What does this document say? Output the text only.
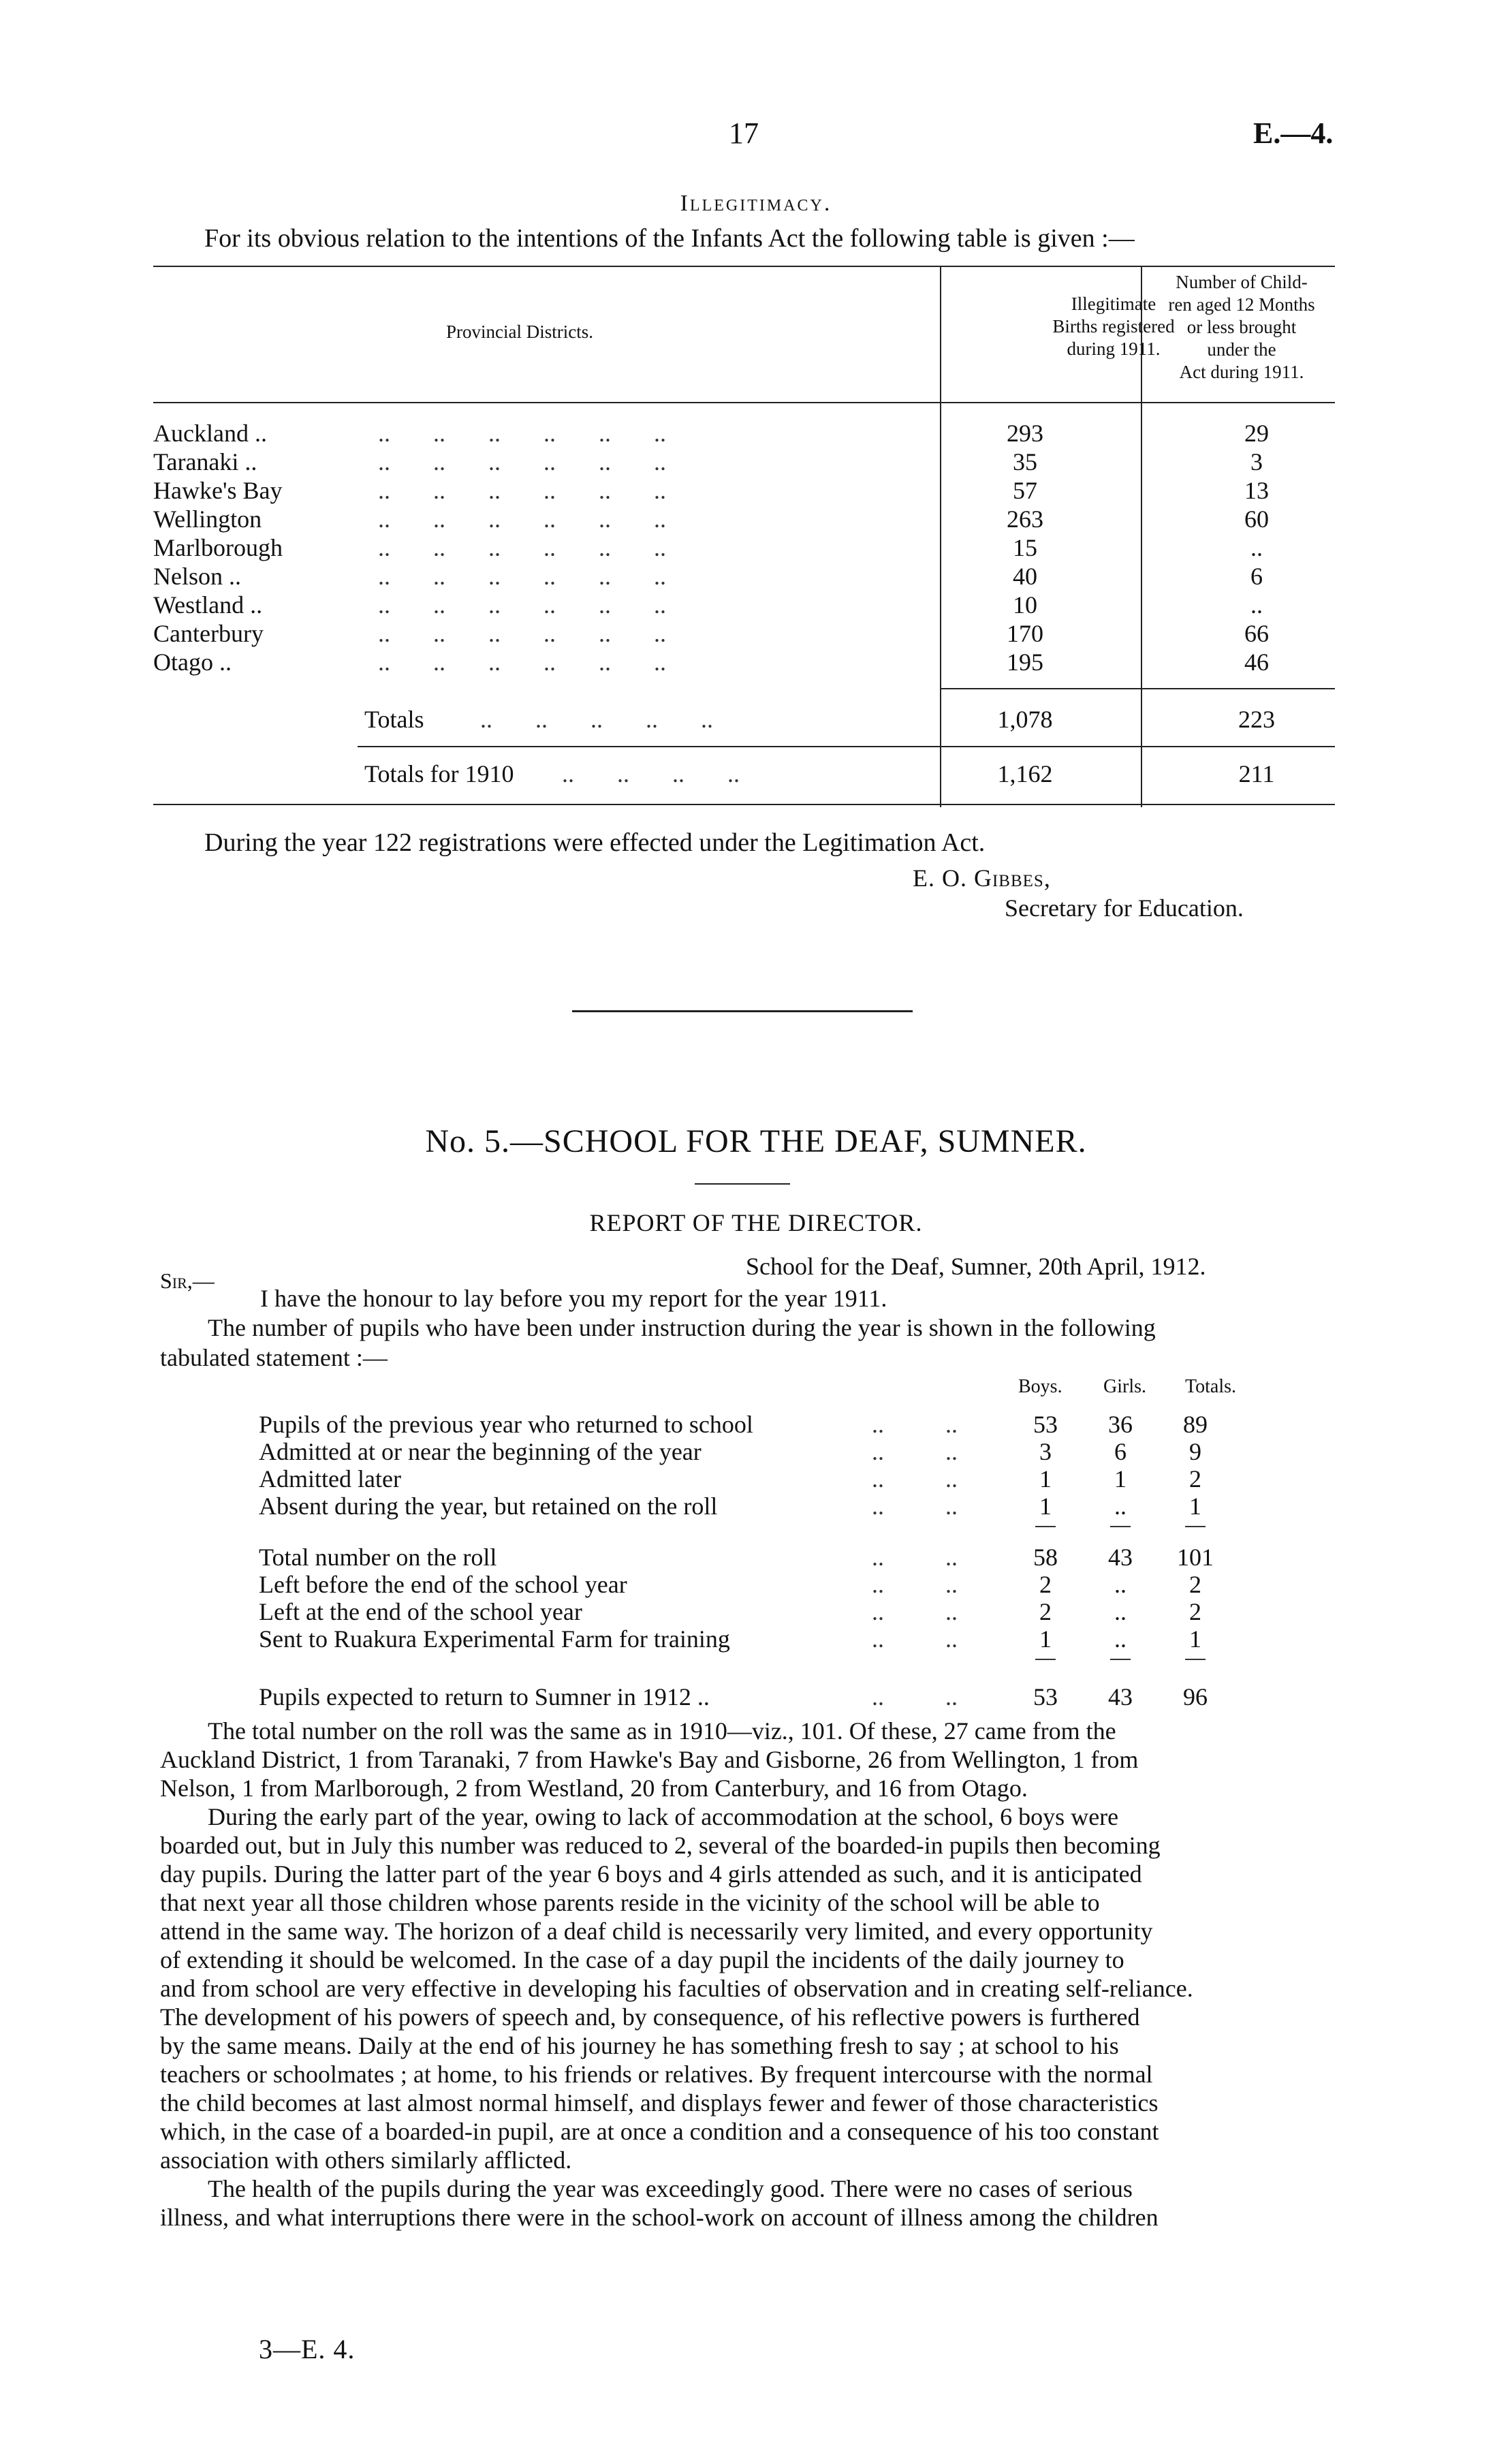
17	E.—4.
Illegitimacy.
For its obvious relation to the intentions of the Infants Act the following table is given :—
Provincial Districts.
Illegitimate
Births registered
during 1911.
Number of Child-
ren aged 12 Months
or less brought
under the
Act during 1911.
Auckland ..	..       ..       ..       ..       ..       ..	293	29
Taranaki ..	..       ..       ..       ..       ..       ..	35	3
Hawke's Bay	..       ..       ..       ..       ..       ..	57	13
Wellington	..       ..       ..       ..       ..       ..	263	60
Marlborough	..       ..       ..       ..       ..       ..	15	..
Nelson ..	..       ..       ..       ..       ..       ..	40	6
Westland ..	..       ..       ..       ..       ..       ..	10	..
Canterbury	..       ..       ..       ..       ..       ..	170	66
Otago ..	..       ..       ..       ..       ..       ..	195	46
Totals ..       ..       ..       ..       ..	1,078	223
Totals for 1910 ..       ..       ..       ..	1,162	211
During the year 122 registrations were effected under the Legitimation Act.
E. O. Gibbes,
Secretary for Education.
No. 5.—SCHOOL FOR THE DEAF, SUMNER.
REPORT OF THE DIRECTOR.
School for the Deaf, Sumner, 20th April, 1912.
Sir,—
I have the honour to lay before you my report for the year 1911.
The number of pupils who have been under instruction during the year is shown in the following
tabulated statement :—
Boys. Girls. Totals.
Pupils of the previous year who returned to school	..          ..	53	36	89
Admitted at or near the beginning of the year	..          ..	3	6	9
Admitted later	..          ..	1	1	2
Absent during the year, but retained on the roll	..          ..	1	..	1
Total number on the roll	..          ..	58	43	101
Left before the end of the school year	..          ..	2	..	2
Left at the end of the school year	..          ..	2	..	2
Sent to Ruakura Experimental Farm for training	..          ..	1	..	1
Pupils expected to return to Sumner in 1912 ..	..          ..	53	43	96
The total number on the roll was the same as in 1910—viz., 101. Of these, 27 came from the
Auckland District, 1 from Taranaki, 7 from Hawke's Bay and Gisborne, 26 from Wellington, 1 from
Nelson, 1 from Marlborough, 2 from Westland, 20 from Canterbury, and 16 from Otago.
During the early part of the year, owing to lack of accommodation at the school, 6 boys were
boarded out, but in July this number was reduced to 2, several of the boarded-in pupils then becoming
day pupils. During the latter part of the year 6 boys and 4 girls attended as such, and it is anticipated
that next year all those children whose parents reside in the vicinity of the school will be able to
attend in the same way. The horizon of a deaf child is necessarily very limited, and every opportunity
of extending it should be welcomed. In the case of a day pupil the incidents of the daily journey to
and from school are very effective in developing his faculties of observation and in creating self-reliance.
The development of his powers of speech and, by consequence, of his reflective powers is furthered
by the same means. Daily at the end of his journey he has something fresh to say ; at school to his
teachers or schoolmates ; at home, to his friends or relatives. By frequent intercourse with the normal
the child becomes at last almost normal himself, and displays fewer and fewer of those characteristics
which, in the case of a boarded-in pupil, are at once a condition and a consequence of his too constant
association with others similarly afflicted.
The health of the pupils during the year was exceedingly good. There were no cases of serious
illness, and what interruptions there were in the school-work on account of illness among the children
3—E. 4.
